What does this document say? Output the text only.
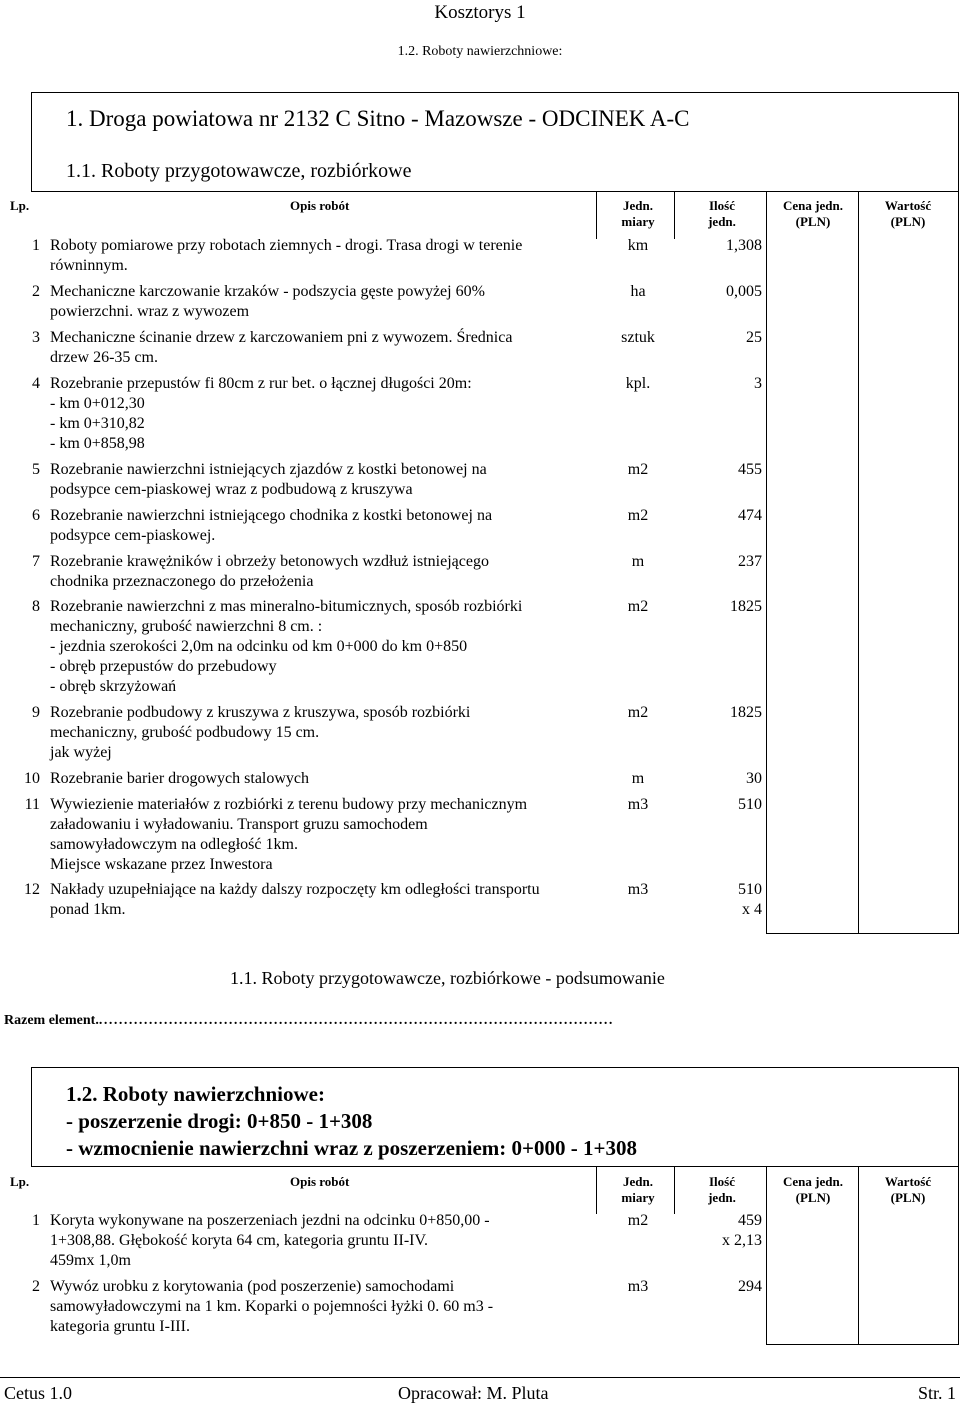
Kosztorys 1
1.2. Roboty nawierzchniowe:
1. Droga powiatowa nr 2132 C Sitno - Mazowsze - ODCINEK A-C
1.1. Roboty przygotowawcze, rozbiórkowe
Lp.	Opis robót	Jedn.
miary
Ilość
jedn.
Cena jedn.
(PLN)
Wartość
(PLN)
1 Roboty pomiarowe przy robotach ziemnych - drogi. Trasa drogi w terenie
równinnym.
km	1,308
2 Mechaniczne karczowanie krzaków - podszycia gęste powyżej 60%
powierzchni. wraz z wywozem
ha	0,005
3 Mechaniczne ścinanie drzew z karczowaniem pni z wywozem. Średnica
drzew 26-35 cm.
sztuk	25
4 Rozebranie przepustów fi 80cm z rur bet. o łącznej długości 20m:
- km 0+012,30
- km 0+310,82
- km 0+858,98
kpl.	3
5 Rozebranie nawierzchni istniejących zjazdów z kostki betonowej na
podsypce cem-piaskowej wraz z podbudową z kruszywa
m2	455
6 Rozebranie nawierzchni istniejącego chodnika z kostki betonowej na
podsypce cem-piaskowej.
m2	474
7 Rozebranie krawężników i obrzeży betonowych wzdłuż istniejącego
chodnika przeznaczonego do przełożenia
m	237
8 Rozebranie nawierzchni z mas mineralno-bitumicznych, sposób rozbiórki
mechaniczny, grubość nawierzchni 8 cm. :
- jezdnia szerokości 2,0m na odcinku od km 0+000 do km 0+850
- obręb przepustów do przebudowy
- obręb skrzyżowań
m2	1825
9 Rozebranie podbudowy z kruszywa z kruszywa, sposób rozbiórki
mechaniczny, grubość podbudowy 15 cm.
jak wyżej
m2	1825
10 Rozebranie barier drogowych stalowych	m	30
11 Wywiezienie materiałów z rozbiórki z terenu budowy przy mechanicznym
załadowaniu i wyładowaniu. Transport gruzu samochodem
samowyładowczym na odległość 1km.
Miejsce wskazane przez Inwestora
m3	510
12 Nakłady uzupełniające na każdy dalszy rozpoczęty km odległości transportu
ponad 1km.
m3	510
x 4
1.1. Roboty przygotowawcze, rozbiórkowe - podsumowanie
Razem element........................................................................................................
1.2. Roboty nawierzchniowe:
- poszerzenie drogi: 0+850 - 1+308
- wzmocnienie nawierzchni wraz z poszerzeniem: 0+000 - 1+308
Lp.	Opis robót	Jedn.
miary
Ilość
jedn.
Cena jedn.
(PLN)
Wartość
(PLN)
1 Koryta wykonywane na poszerzeniach jezdni na odcinku 0+850,00 -
1+308,88. Głębokość koryta 64 cm, kategoria gruntu II-IV.
459mx 1,0m
m2	459
x 2,13
2 Wywóz urobku z korytowania (pod poszerzenie) samochodami
samowyładowczymi na 1 km. Koparki o pojemności łyżki 0. 60 m3 -
kategoria gruntu I-III.
m3	294
Cetus 1.0	Opracował: M. Pluta	Str. 1
